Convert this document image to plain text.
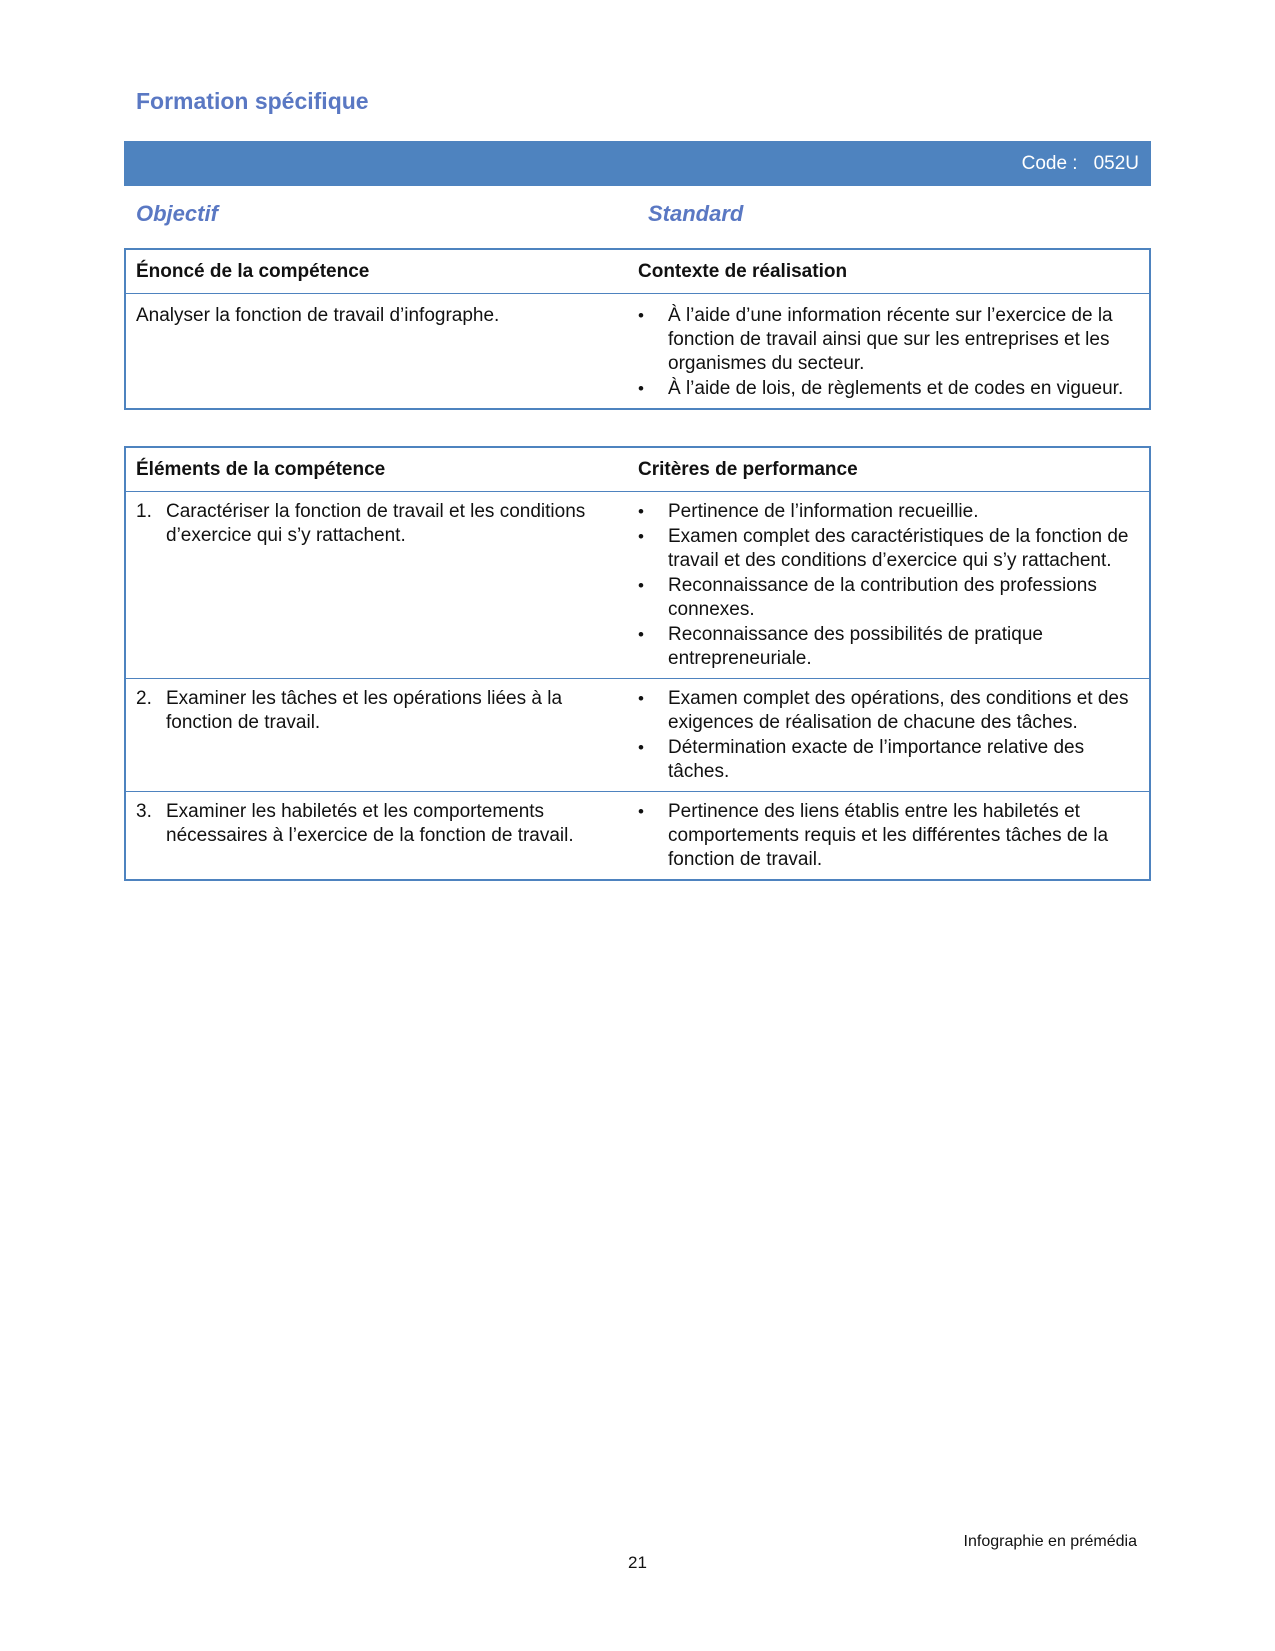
Formation spécifique
Code : 052U
Objectif	Standard
Énoncé de la compétence	Contexte de réalisation
Analyser la fonction de travail d’infographe.	•	À l’aide d’une information récente sur l’exercice de la fonction de travail ainsi que sur les entreprises et les organismes du secteur.
•	À l’aide de lois, de règlements et de codes en vigueur.
Éléments de la compétence	Critères de performance
1. Caractériser la fonction de travail et les conditions d’exercice qui s’y rattachent.
•	Pertinence de l’information recueillie.
•	Examen complet des caractéristiques de la fonction de travail et des conditions d’exercice qui s’y rattachent.
•	Reconnaissance de la contribution des professions connexes.
•	Reconnaissance des possibilités de pratique entrepreneuriale.
2. Examiner les tâches et les opérations liées à la fonction de travail.
•	Examen complet des opérations, des conditions et des exigences de réalisation de chacune des tâches.
•	Détermination exacte de l’importance relative des tâches.
3. Examiner les habiletés et les comportements nécessaires à l’exercice de la fonction de travail.
•	Pertinence des liens établis entre les habiletés et comportements requis et les différentes tâches de la fonction de travail.
Infographie en prémédia
21
